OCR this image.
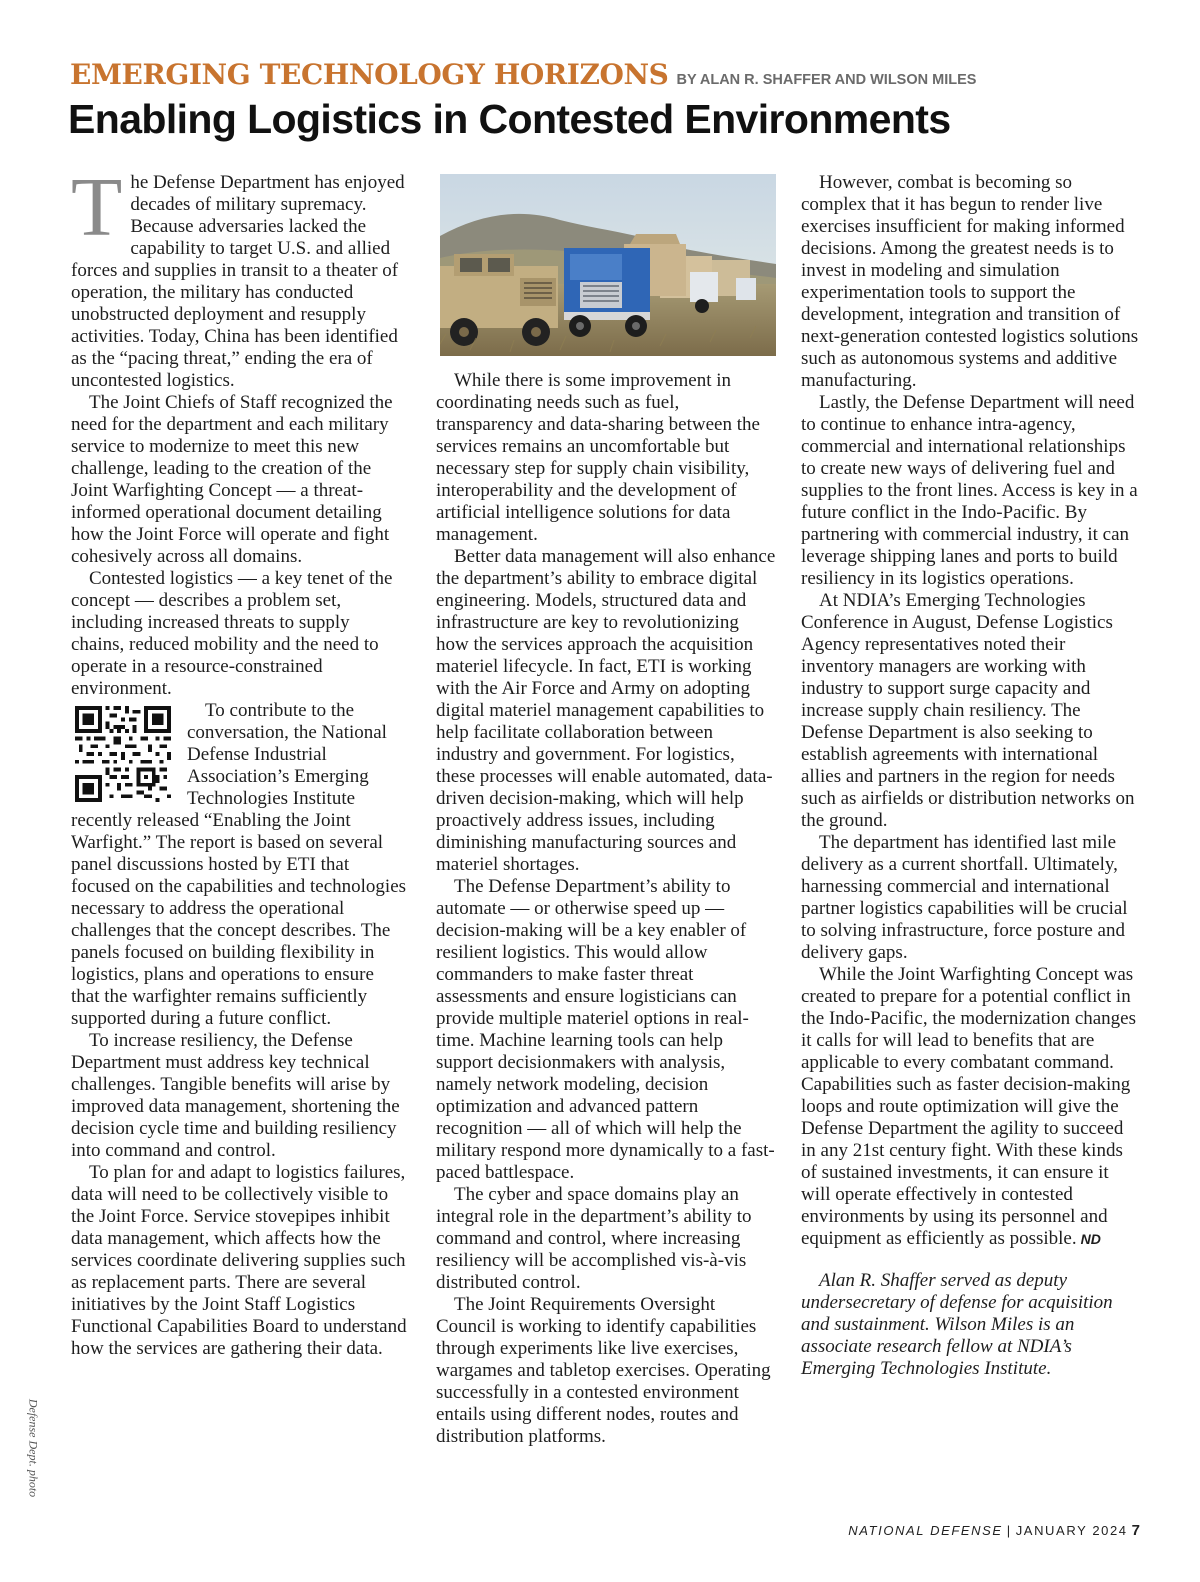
EMERGING TECHNOLOGY HORIZONS BY ALAN R. SHAFFER AND WILSON MILES
Enabling Logistics in Contested Environments

The Defense Department has enjoyed decades of military supremacy. Because adversaries lacked the capability to target U.S. and allied forces and supplies in transit to a theater of operation, the military has conducted unobstructed deployment and resupply activities. Today, China has been identified as the “pacing threat,” ending the era of uncontested logistics.

The Joint Chiefs of Staff recognized the need for the department and each military service to modernize to meet this new challenge, leading to the creation of the Joint Warfighting Concept — a threat-informed operational document detailing how the Joint Force will operate and fight cohesively across all domains.

Contested logistics — a key tenet of the concept — describes a problem set, including increased threats to supply chains, reduced mobility and the need to operate in a resource-constrained environment.

To contribute to the conversation, the National Defense Industrial Association’s Emerging Technologies Institute recently released “Enabling the Joint Warfight.” The report is based on several panel discussions hosted by ETI that focused on the capabilities and technologies necessary to address the operational challenges that the concept describes. The panels focused on building flexibility in logistics, plans and operations to ensure that the warfighter remains sufficiently supported during a future conflict.

To increase resiliency, the Defense Department must address key technical challenges. Tangible benefits will arise by improved data management, shortening the decision cycle time and building resiliency into command and control.

To plan for and adapt to logistics failures, data will need to be collectively visible to the Joint Force. Service stovepipes inhibit data management, which affects how the services coordinate delivering supplies such as replacement parts. There are several initiatives by the Joint Staff Logistics Functional Capabilities Board to understand how the services are gathering their data.

While there is some improvement in coordinating needs such as fuel, transparency and data-sharing between the services remains an uncomfortable but necessary step for supply chain visibility, interoperability and the development of artificial intelligence solutions for data management.

Better data management will also enhance the department’s ability to embrace digital engineering. Models, structured data and infrastructure are key to revolutionizing how the services approach the acquisition materiel lifecycle. In fact, ETI is working with the Air Force and Army on adopting digital materiel management capabilities to help facilitate collaboration between industry and government. For logistics, these processes will enable automated, data-driven decision-making, which will help proactively address issues, including diminishing manufacturing sources and materiel shortages.

The Defense Department’s ability to automate — or otherwise speed up — decision-making will be a key enabler of resilient logistics. This would allow commanders to make faster threat assessments and ensure logisticians can provide multiple materiel options in real-time. Machine learning tools can help support decisionmakers with analysis, namely network modeling, decision optimization and advanced pattern recognition — all of which will help the military respond more dynamically to a fast-paced battlespace.

The cyber and space domains play an integral role in the department’s ability to command and control, where increasing resiliency will be accomplished vis-à-vis distributed control.

The Joint Requirements Oversight Council is working to identify capabilities through experiments like live exercises, wargames and tabletop exercises. Operating successfully in a contested environment entails using different nodes, routes and distribution platforms.

However, combat is becoming so complex that it has begun to render live exercises insufficient for making informed decisions. Among the greatest needs is to invest in modeling and simulation experimentation tools to support the development, integration and transition of next-generation contested logistics solutions such as autonomous systems and additive manufacturing.

Lastly, the Defense Department will need to continue to enhance intra-agency, commercial and international relationships to create new ways of delivering fuel and supplies to the front lines. Access is key in a future conflict in the Indo-Pacific. By partnering with commercial industry, it can leverage shipping lanes and ports to build resiliency in its logistics operations.

At NDIA’s Emerging Technologies Conference in August, Defense Logistics Agency representatives noted their inventory managers are working with industry to support surge capacity and increase supply chain resiliency. The Defense Department is also seeking to establish agreements with international allies and partners in the region for needs such as airfields or distribution networks on the ground.

The department has identified last mile delivery as a current shortfall. Ultimately, harnessing commercial and international partner logistics capabilities will be crucial to solving infrastructure, force posture and delivery gaps.

While the Joint Warfighting Concept was created to prepare for a potential conflict in the Indo-Pacific, the modernization changes it calls for will lead to benefits that are applicable to every combatant command. Capabilities such as faster decision-making loops and route optimization will give the Defense Department the agility to succeed in any 21st century fight. With these kinds of sustained investments, it can ensure it will operate effectively in contested environments by using its personnel and equipment as efficiently as possible. ND

Alan R. Shaffer served as deputy undersecretary of defense for acquisition and sustainment. Wilson Miles is an associate research fellow at NDIA’s Emerging Technologies Institute.

Defense Dept. photo
NATIONAL DEFENSE | JANUARY 2024 7
